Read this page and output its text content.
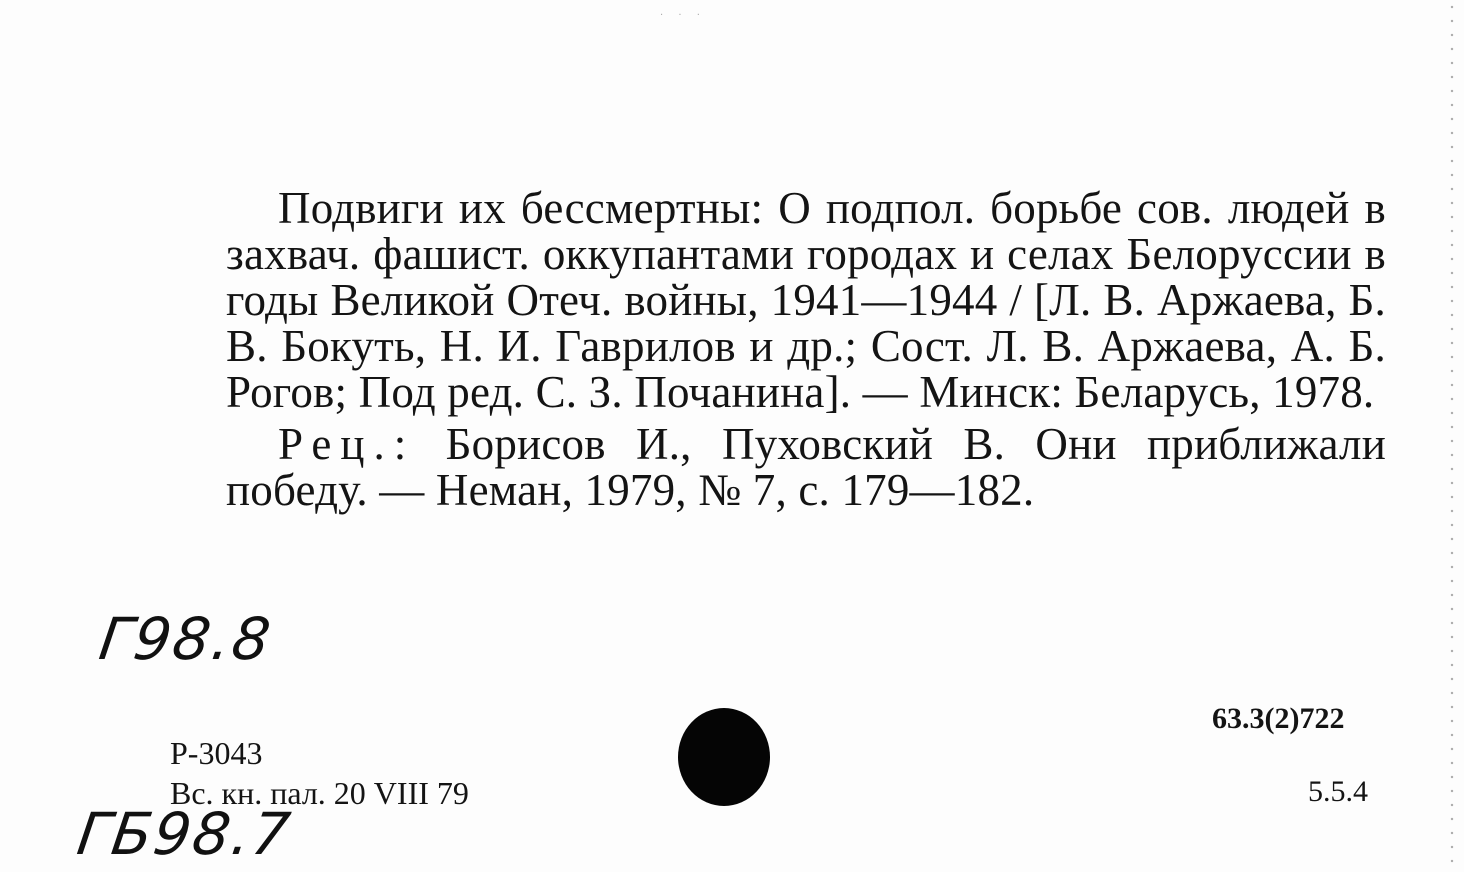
· · ·

Подвиги их бессмертны: О подпол. борьбе сов. людей в захвач. фашист. оккупантами городах и селах Белоруссии в годы Великой Отеч. войны, 1941—1944 / [Л. В. Аржаева, Б. В. Бокуть, Н. И. Гаврилов и др.; Сост. Л. В. Аржаева, А. Б. Рогов; Под ред. С. З. Почанина]. — Минск: Беларусь, 1978.

Рец.: Борисов И., Пуховский В. Они приближали победу. — Неман, 1979, № 7, с. 179—182.

Г98.8
Р-3043
Вс. кн. пал. 20 VIII 79
ГБ98.7
63.3(2)722
5.5.4
